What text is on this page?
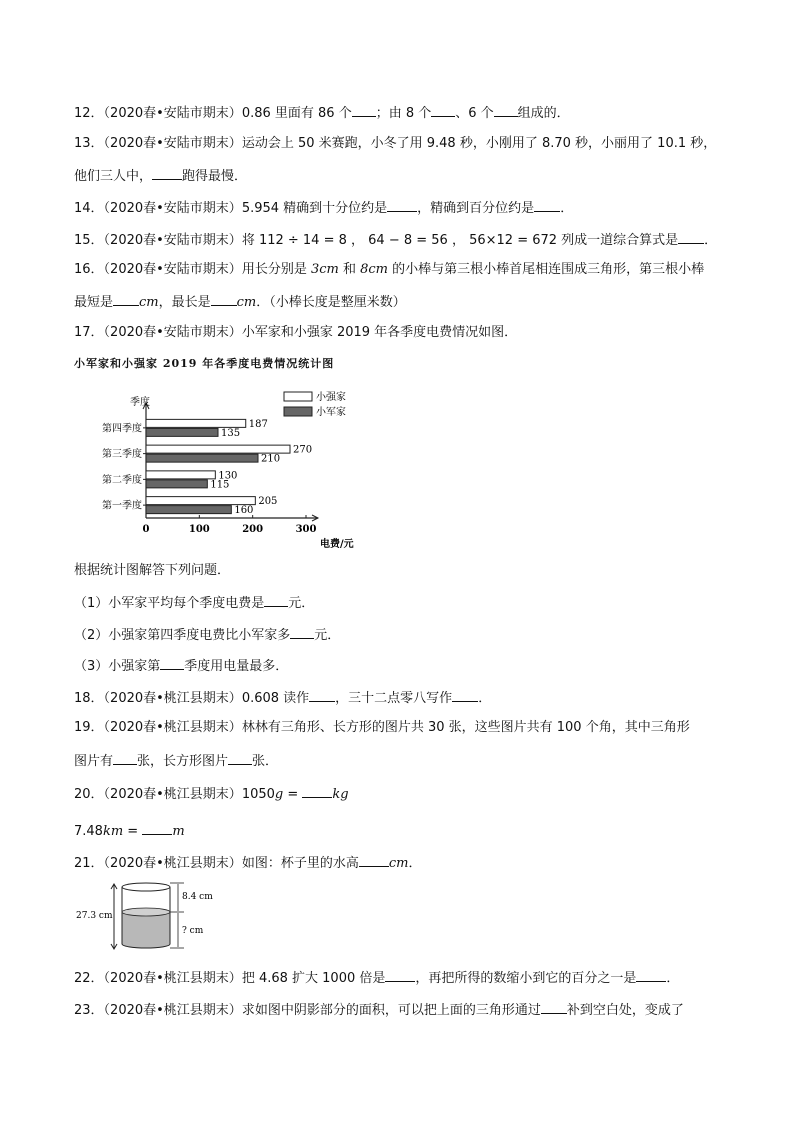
12．（2020春•安陆市期末）0.86 里面有 86 个 ；由 8 个 、6 个 组成的．
13．（2020春•安陆市期末）运动会上 50 米赛跑，小冬了用 9.48 秒，小刚用了 8.70 秒，小丽用了 10.1 秒，
他们三人中， 跑得最慢．
14．（2020春•安陆市期末）5.954 精确到十分位约是 ，精确到百分位约是 ．
15．（2020春•安陆市期末）将 112 ÷ 14 = 8 ， 64 − 8 = 56 ， 56×12 = 672 列成一道综合算式是 ．
16．（2020春•安陆市期末）用长分别是 3cm 和 8cm 的小棒与第三根小棒首尾相连围成三角形，第三根小棒
最短是 cm，最长是 cm．（小棒长度是整厘米数）
17．（2020春•安陆市期末）小军家和小强家 2019 年各季度电费情况如图．
小军家和小强家 2019 年各季度电费情况统计图
0	100	200	300
第四季度
第三季度
第二季度
第一季度
季度
电费/元
小强家
小军家
187
135
270
210
130
115
205
160
根据统计图解答下列问题．
（1）小军家平均每个季度电费是 元．
（2）小强家第四季度电费比小军家多 元．
（3）小强家第 季度用电量最多．
18．（2020春•桃江县期末）0.608 读作 ，三十二点零八写作 ．
19．（2020春•桃江县期末）林林有三角形、长方形的图片共 30 张，这些图片共有 100 个角，其中三角形
图片有 张，长方形图片 张．
20．（2020春•桃江县期末）1050g = kg
7.48km = m
21．（2020春•桃江县期末）如图：杯子里的水高 cm．
27.3 cm
8.4 cm
? cm
22．（2020春•桃江县期末）把 4.68 扩大 1000 倍是 ，再把所得的数缩小到它的百分之一是 ．
23．（2020春•桃江县期末）求如图中阴影部分的面积，可以把上面的三角形通过 补到空白处，变成了
